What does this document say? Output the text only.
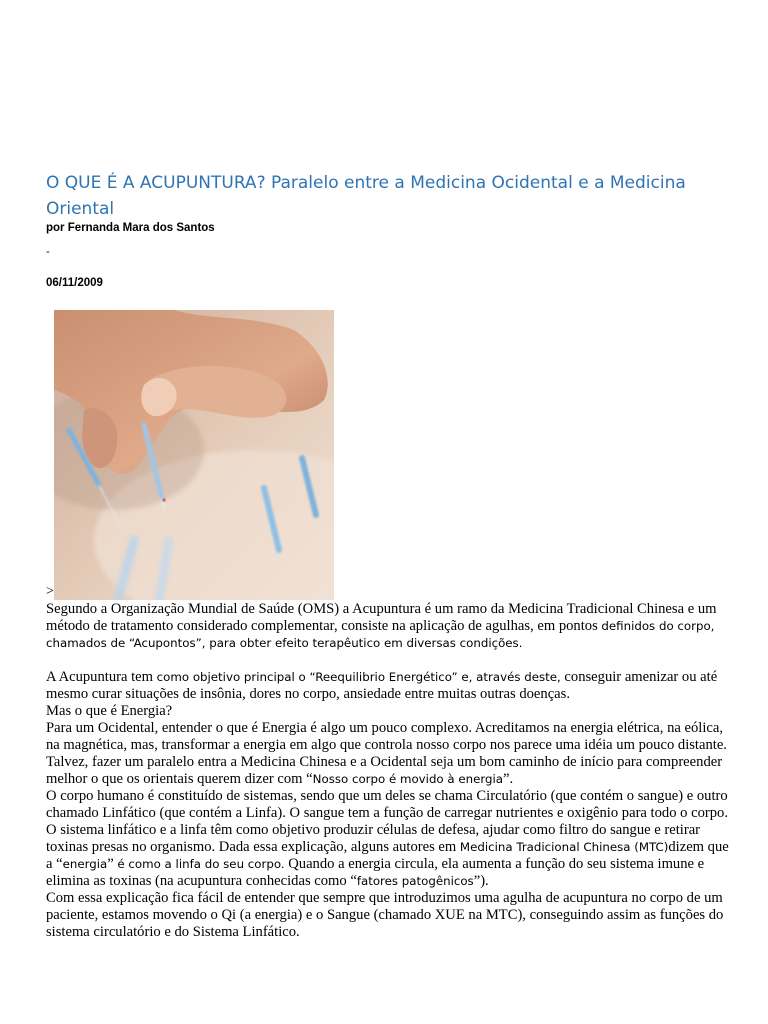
O QUE É A ACUPUNTURA? Paralelo entre a Medicina Ocidental e a Medicina Oriental
por Fernanda Mara dos Santos
-
06/11/2009
>

Segundo a Organização Mundial de Saúde (OMS) a Acupuntura é um ramo da Medicina Tradicional Chinesa e um método de tratamento considerado complementar, consiste na aplicação de agulhas, em pontos definidos do corpo, chamados de “Acupontos”, para obter efeito terapêutico em diversas condições.

A Acupuntura tem como objetivo principal o “Reequilibrio Energético” e, através deste, conseguir amenizar ou até mesmo curar situações de insônia, dores no corpo, ansiedade entre muitas outras doenças.

Mas o que é Energia?

Para um Ocidental, entender o que é Energia é algo um pouco complexo. Acreditamos na energia elétrica, na eólica, na magnética, mas, transformar a energia em algo que controla nosso corpo nos parece uma idéia um pouco distante. Talvez, fazer um paralelo entra a Medicina Chinesa e a Ocidental seja um bom caminho de início para compreender melhor o que os orientais querem dizer com “Nosso corpo é movido à energia”.

O corpo humano é constituído de sistemas, sendo que um deles se chama Circulatório (que contém o sangue) e outro chamado Linfático (que contém a Linfa). O sangue tem a função de carregar nutrientes e oxigênio para todo o corpo. O sistema linfático e a linfa têm como objetivo produzir células de defesa, ajudar como filtro do sangue e retirar toxinas presas no organismo. Dada essa explicação, alguns autores em Medicina Tradicional Chinesa (MTC)dizem que a “energia” é como a linfa do seu corpo. Quando a energia circula, ela aumenta a função do seu sistema imune e elimina as toxinas (na acupuntura conhecidas como “fatores patogênicos”).

Com essa explicação fica fácil de entender que sempre que introduzimos uma agulha de acupuntura no corpo de um paciente, estamos movendo o Qi (a energia) e o Sangue (chamado XUE na MTC), conseguindo assim as funções do sistema circulatório e do Sistema Linfático.
